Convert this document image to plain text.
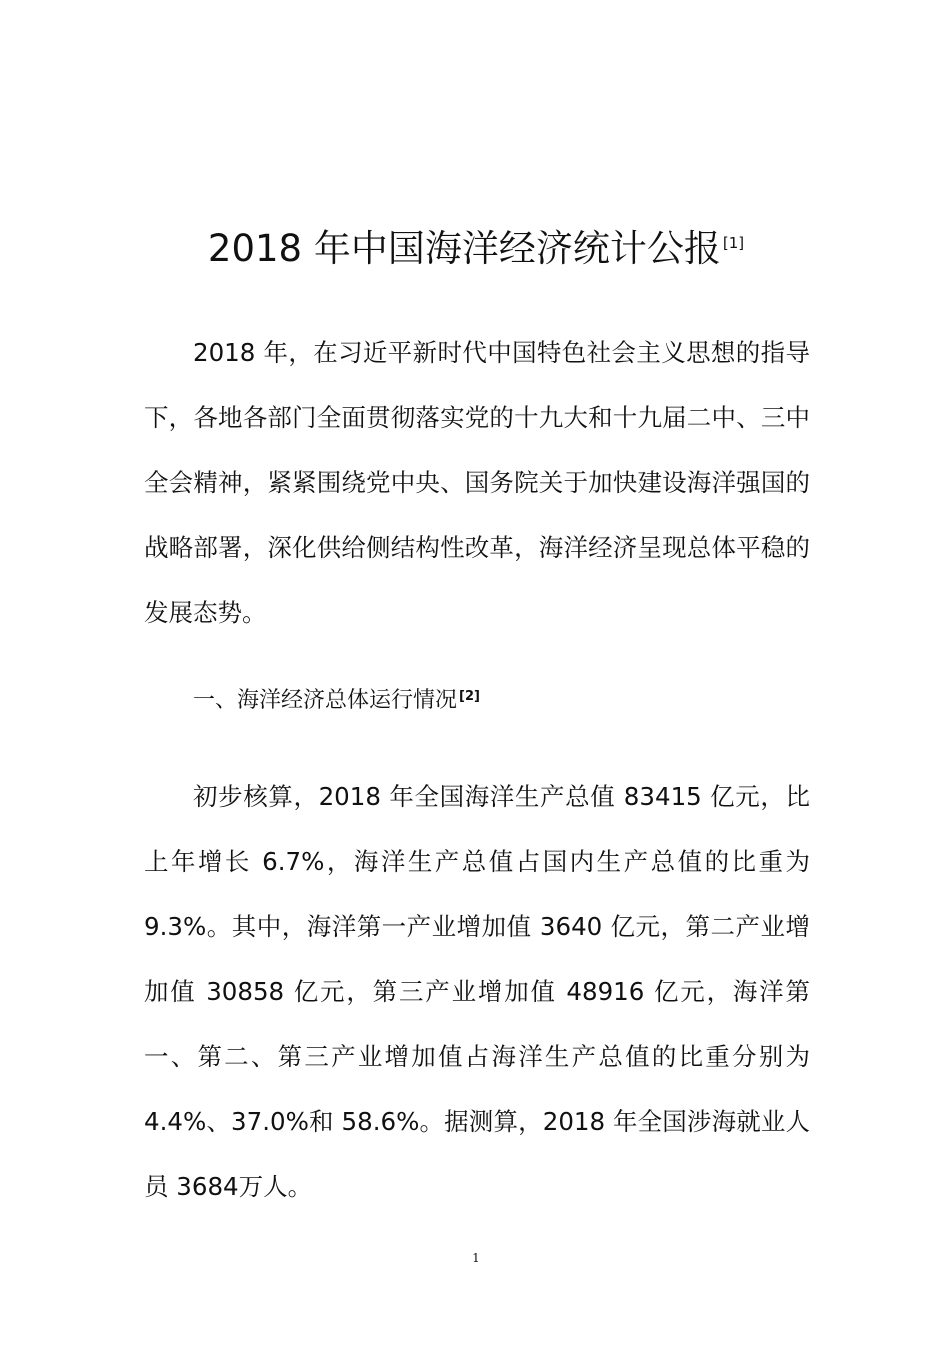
2018 年中国海洋经济统计公报 [1]

2018 年，在习近平新时代中国特色社会主义思想的指导下，各地各部门全面贯彻落实党的十九大和十九届二中、三中全会精神，紧紧围绕党中央、国务院关于加快建设海洋强国的战略部署，深化供给侧结构性改革，海洋经济呈现总体平稳的发展态势。

一、海洋经济总体运行情况 [2]

初步核算，2018 年全国海洋生产总值 83415 亿元，比上年增长 6.7%，海洋生产总值占国内生产总值的比重为9.3%。其中，海洋第一产业增加值 3640 亿元，第二产业增加值 30858 亿元，第三产业增加值 48916 亿元，海洋第一、第二、第三产业增加值占海洋生产总值的比重分别为 4.4%、37.0%和 58.6%。据测算，2018 年全国涉海就业人员 3684万人。

1
